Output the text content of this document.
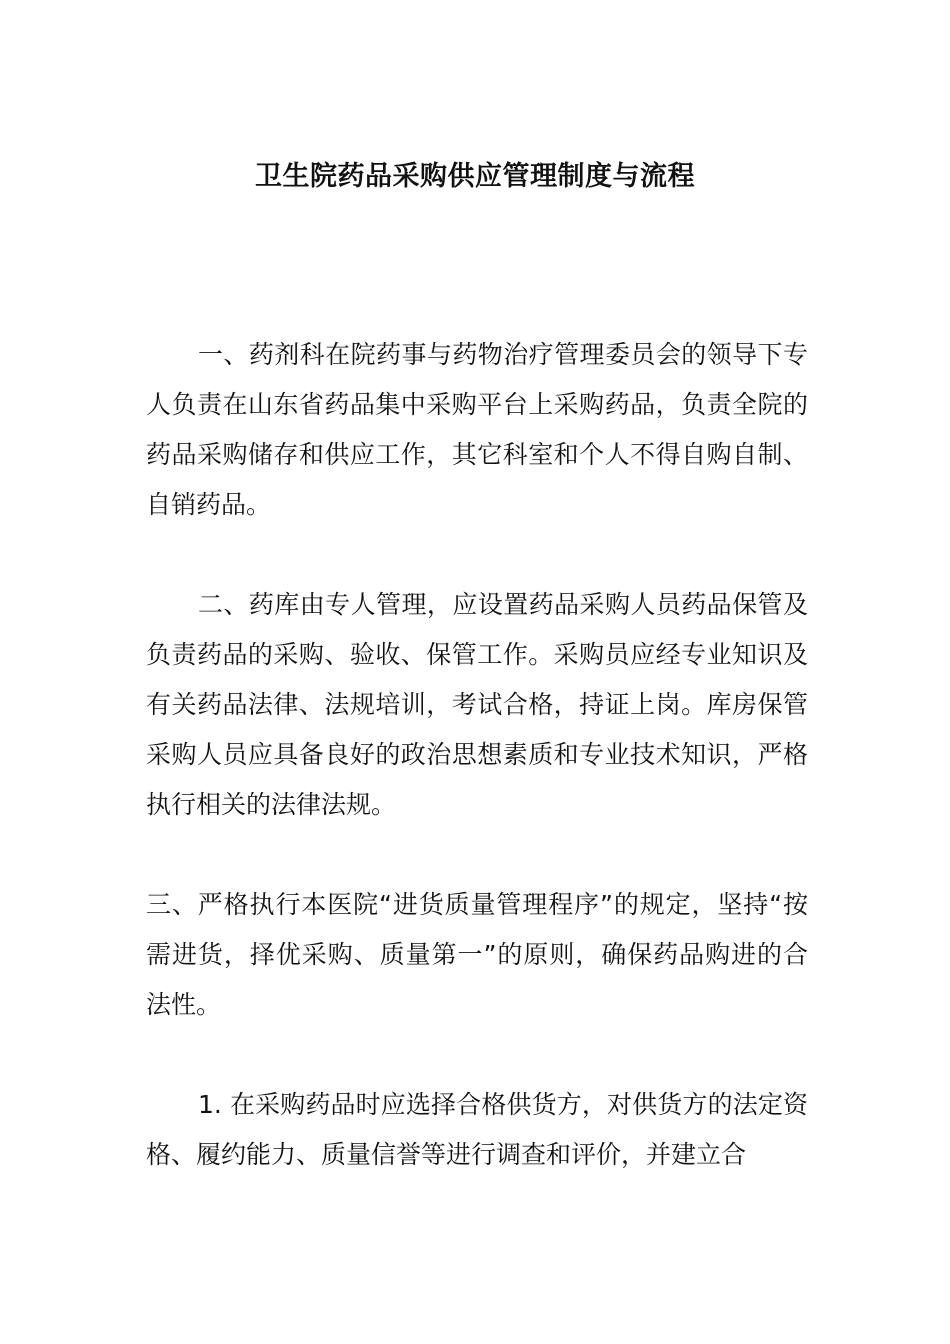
卫生院药品采购供应管理制度与流程

一、药剂科在院药事与药物治疗管理委员会的领导下专人负责在山东省药品集中采购平台上采购药品，负责全院的药品采购储存和供应工作，其它科室和个人不得自购自制、自销药品。

二、药库由专人管理，应设置药品采购人员药品保管及负责药品的采购、验收、保管工作。采购员应经专业知识及有关药品法律、法规培训，考试合格，持证上岗。库房保管采购人员应具备良好的政治思想素质和专业技术知识，严格执行相关的法律法规。

三、严格执行本医院“进货质量管理程序”的规定，坚持“按需进货，择优采购、质量第一”的原则，确保药品购进的合法性。

1. 在采购药品时应选择合格供货方，对供货方的法定资格、履约能力、质量信誉等进行调查和评价，并建立合
